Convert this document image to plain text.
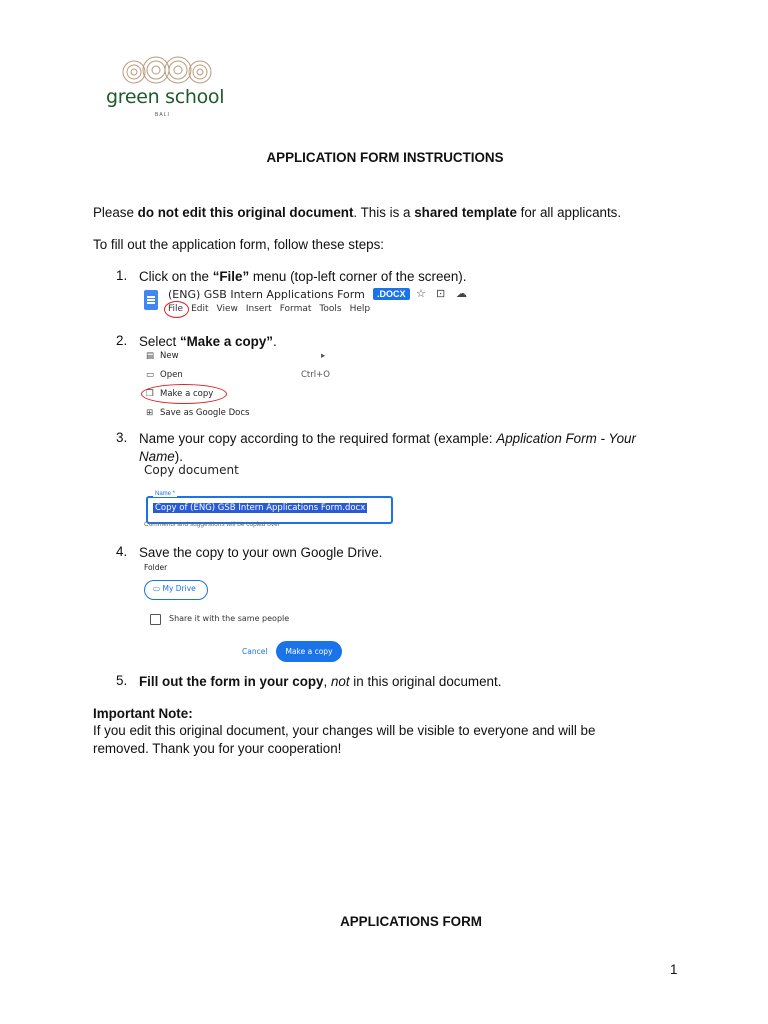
green school
BALI
APPLICATION FORM INSTRUCTIONS
Please do not edit this original document. This is a shared template for all applicants.
To fill out the application form, follow these steps:
1. Click on the “File” menu (top-left corner of the screen).
(ENG) GSB Intern Applications Form	.DOCX ☆ ⊡ ☁
File Edit View Insert Format Tools Help
2. Select “Make a copy”.
▤ New	▸
▭ Open	Ctrl+O
❐ Make a copy
⊞ Save as Google Docs
3. Name your copy according to the required format (example: Application Form - Your
Name).
Copy document
Name *
Copy of (ENG) GSB Intern Applications Form.docx
Comments and suggestions will be copied over
4. Save the copy to your own Google Drive.
Folder
▭ My Drive
Share it with the same people
Cancel	Make a copy
5. Fill out the form in your copy, not in this original document.
Important Note:
If you edit this original document, your changes will be visible to everyone and will be
removed. Thank you for your cooperation!
APPLICATIONS FORM
1
